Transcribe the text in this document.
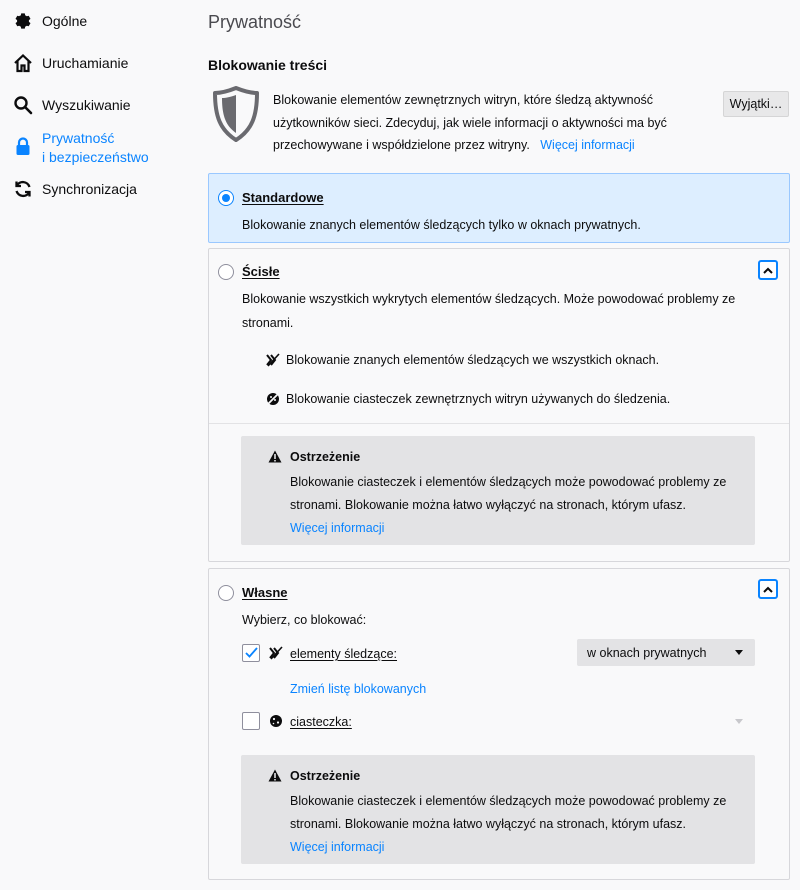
Ogólne
Uruchamianie
Wyszukiwanie
Prywatność
i bezpieczeństwo
Synchronizacja
Prywatność
Blokowanie treści

Blokowanie elementów zewnętrznych witryn, które śledzą aktywność użytkowników sieci. Zdecyduj, jak wiele informacji o aktywności ma być przechowywane i współdzielone przez witryny. Więcej informacji

Wyjątki…
Standardowe
Blokowanie znanych elementów śledzących tylko w oknach prywatnych.
Ścisłe
Blokowanie wszystkich wykrytych elementów śledzących. Może powodować problemy ze stronami.
Blokowanie znanych elementów śledzących we wszystkich oknach.
Blokowanie ciasteczek zewnętrznych witryn używanych do śledzenia.
Ostrzeżenie

Blokowanie ciasteczek i elementów śledzących może powodować problemy ze stronami. Blokowanie można łatwo wyłączyć na stronach, którym ufasz.
Więcej informacji

Własne
Wybierz, co blokować:
elementy śledzące:	w oknach prywatnych
Zmień listę blokowanych
ciasteczka:
Ostrzeżenie

Blokowanie ciasteczek i elementów śledzących może powodować problemy ze stronami. Blokowanie można łatwo wyłączyć na stronach, którym ufasz.
Więcej informacji
